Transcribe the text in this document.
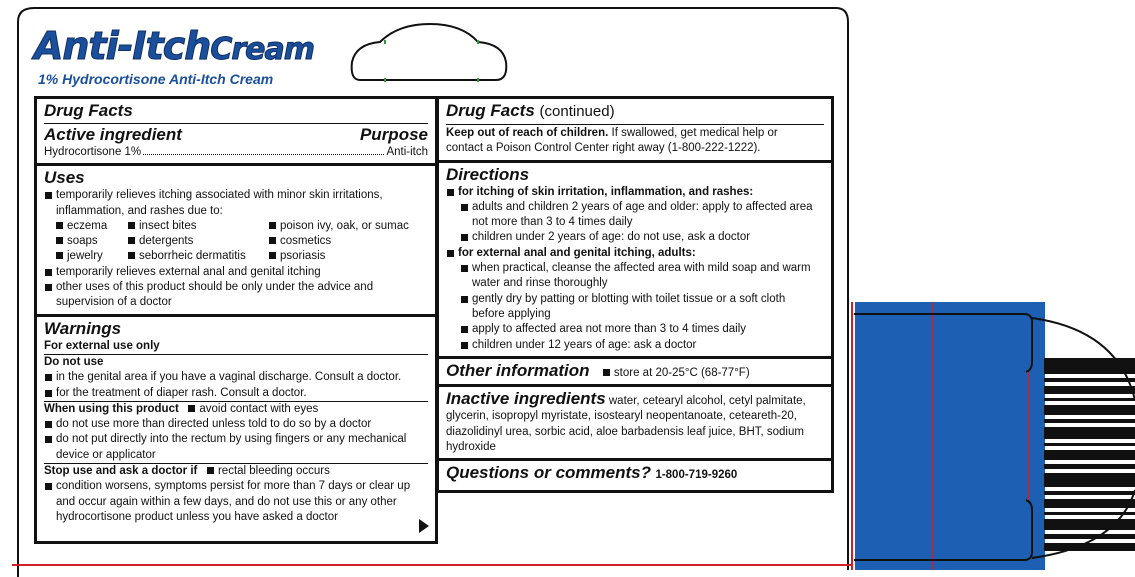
Anti-ItchCream
1% Hydrocortisone Anti-Itch Cream
Drug Facts
Active ingredient	Purpose
Hydrocortisone 1%	Anti-itch
Uses
temporarily relieves itching associated with minor skin irritations,
inflammation, and rashes due to:
eczema	insect bites	poison ivy, oak, or sumac
soaps	detergents	cosmetics
jewelry	seborrheic dermatitis	psoriasis
temporarily relieves external anal and genital itching
other uses of this product should be only under the advice and
supervision of a doctor
Warnings
For external use only
Do not use
in the genital area if you have a vaginal discharge. Consult a doctor.
for the treatment of diaper rash. Consult a doctor.
When using this product avoid contact with eyes
do not use more than directed unless told to do so by a doctor
do not put directly into the rectum by using fingers or any mechanical
device or applicator
Stop use and ask a doctor if rectal bleeding occurs
condition worsens, symptoms persist for more than 7 days or clear up
and occur again within a few days, and do not use this or any other
hydrocortisone product unless you have asked a doctor
Drug Facts (continued)
Keep out of reach of children. If swallowed, get medical help or
contact a Poison Control Center right away (1-800-222-1222).
Directions
for itching of skin irritation, inflammation, and rashes:
adults and children 2 years of age and older: apply to affected area
not more than 3 to 4 times daily
children under 2 years of age: do not use, ask a doctor
for external anal and genital itching, adults:
when practical, cleanse the affected area with mild soap and warm
water and rinse thoroughly
gently dry by patting or blotting with toilet tissue or a soft cloth
before applying
apply to affected area not more than 3 to 4 times daily
children under 12 years of age: ask a doctor
Other information store at 20-25°C (68-77°F)
Inactive ingredients water, cetearyl alcohol, cetyl palmitate,
glycerin, isopropyl myristate, isostearyl neopentanoate, ceteareth-20,
diazolidinyl urea, sorbic acid, aloe barbadensis leaf juice, BHT, sodium
hydroxide
Questions or comments? 1-800-719-9260
